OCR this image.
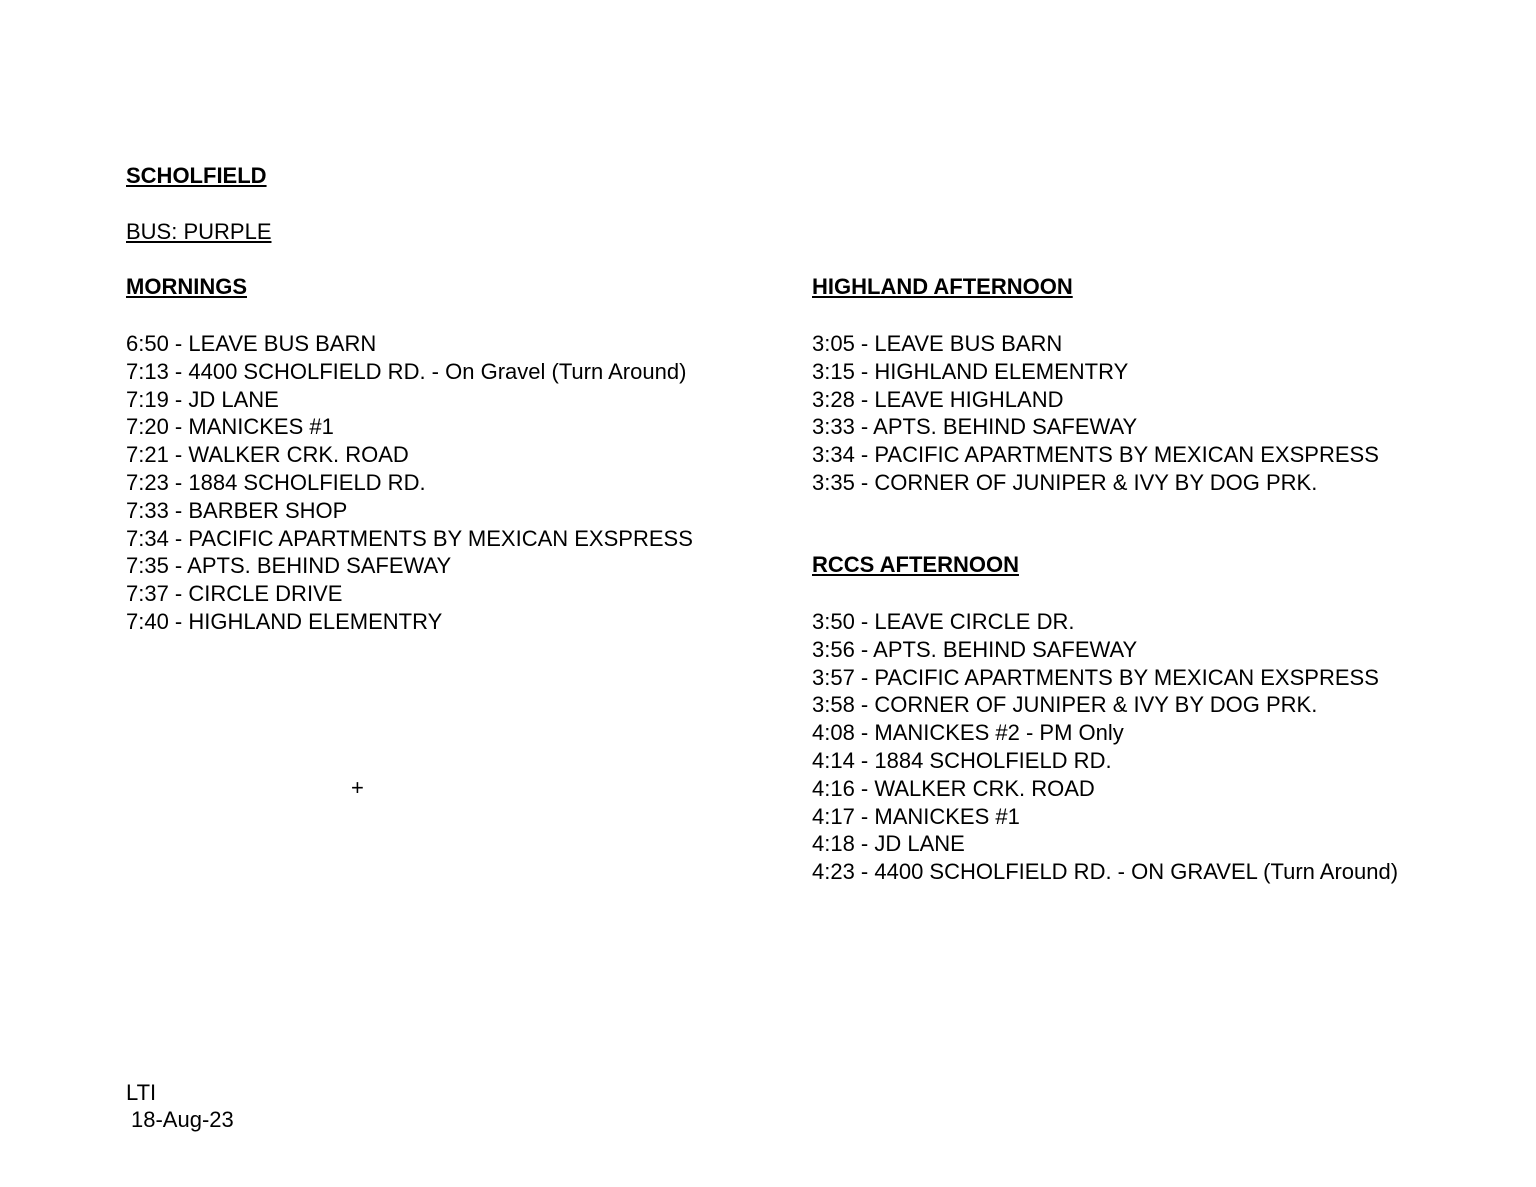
SCHOLFIELD
BUS: PURPLE
MORNINGS
6:50 - LEAVE BUS BARN
7:13 - 4400 SCHOLFIELD RD. - On Gravel (Turn Around)
7:19 - JD LANE
7:20 - MANICKES #1
7:21 - WALKER CRK. ROAD
7:23 - 1884 SCHOLFIELD RD.
7:33 - BARBER SHOP
7:34 - PACIFIC APARTMENTS BY MEXICAN EXSPRESS
7:35 - APTS. BEHIND SAFEWAY
7:37 - CIRCLE DRIVE
7:40 - HIGHLAND ELEMENTRY
HIGHLAND AFTERNOON
3:05 - LEAVE BUS BARN
3:15 - HIGHLAND ELEMENTRY
3:28 - LEAVE HIGHLAND
3:33 - APTS. BEHIND SAFEWAY
3:34 - PACIFIC APARTMENTS BY MEXICAN EXSPRESS
3:35 - CORNER OF JUNIPER & IVY BY DOG PRK.
RCCS AFTERNOON
3:50 - LEAVE CIRCLE DR.
3:56 - APTS. BEHIND SAFEWAY
3:57 - PACIFIC APARTMENTS BY MEXICAN EXSPRESS
3:58 - CORNER OF JUNIPER & IVY BY DOG PRK.
4:08 - MANICKES #2 - PM Only
4:14 - 1884 SCHOLFIELD RD.
4:16 - WALKER CRK. ROAD
4:17 - MANICKES #1
4:18 - JD LANE
4:23 - 4400 SCHOLFIELD RD. - ON GRAVEL (Turn Around)
+
LTI
18-Aug-23
